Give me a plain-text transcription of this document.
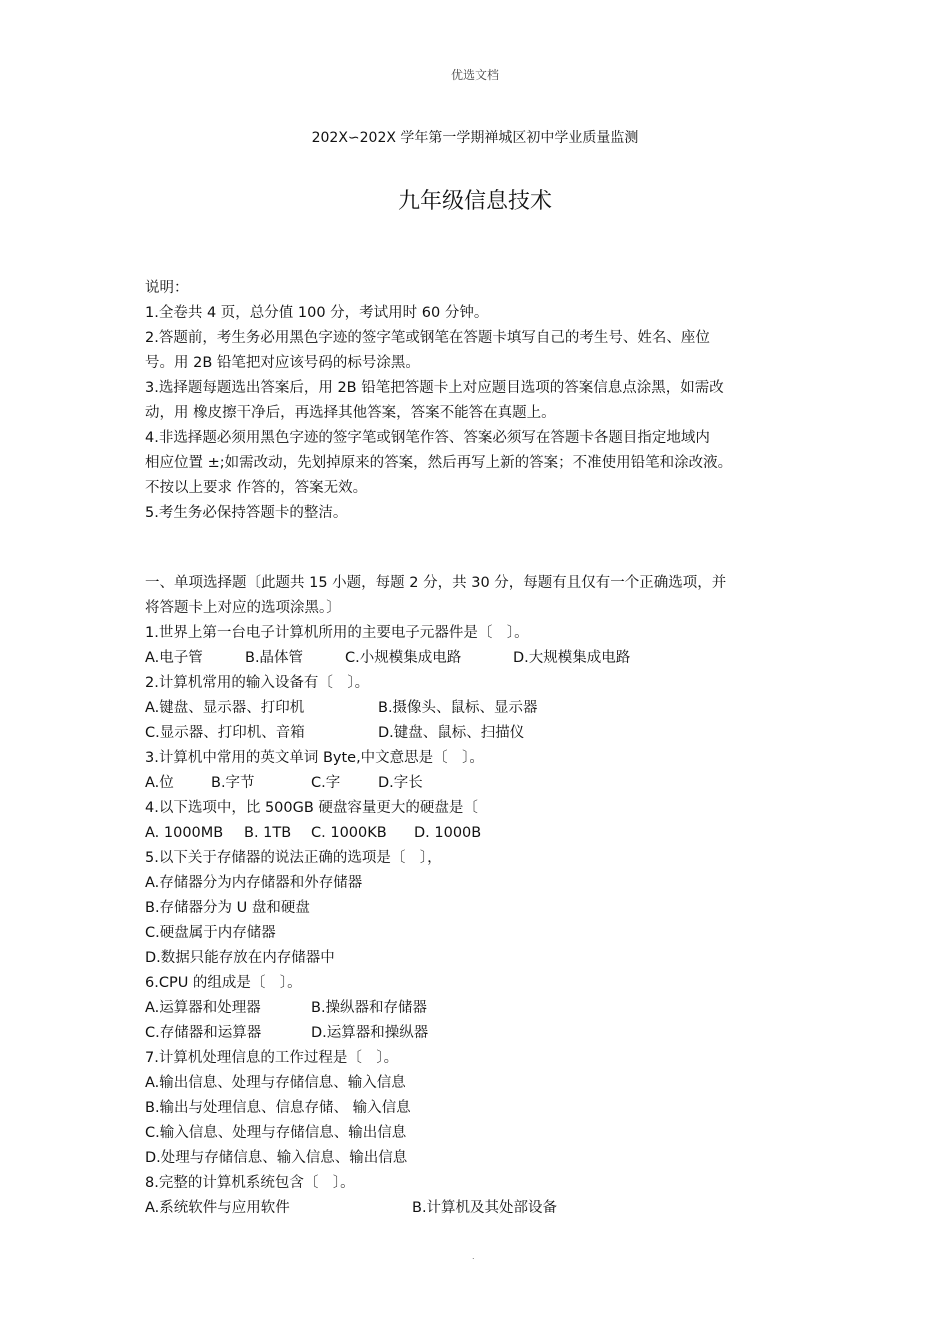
优选文档
202X∽202X 学年第一学期禅城区初中学业质量监测
九年级信息技术
说明：
1.全卷共 4 页，总分值 100 分，考试用时 60 分钟。
2.答题前，考生务必用黑色字迹的签字笔或钢笔在答题卡填写自己的考生号、姓名、座位
号。用 2B 铅笔把对应该号码的标号涂黑。
3.选择题每题选出答案后，用 2B 铅笔把答题卡上对应题目选项的答案信息点涂黑，如需改
动，用 橡皮擦干净后，再选择其他答案，答案不能答在真题上。
4.非选择题必须用黑色字迹的签字笔或钢笔作答、答案必须写在答题卡各题目指定地域内
相应位置 ±;如需改动，先划掉原来的答案，然后再写上新的答案；不准使用铅笔和涂改液。
不按以上要求 作答的，答案无效。
5.考生务必保持答题卡的整洁。
一、单项选择题〔此题共 15 小题，每题 2 分，共 30 分，每题有且仅有一个正确选项，并
将答题卡上对应的选项涂黑。〕
1.世界上第一台电子计算机所用的主要电子元器件是〔　〕。
A.电子管	B.晶体管	C.小规模集成电路	D.大规模集成电路
2.计算机常用的输入设备有〔　〕。
A.键盘、显示器、打印机	B.摄像头、鼠标、显示器
C.显示器、打印机、音箱	D.键盘、鼠标、扫描仪
3.计算机中常用的英文单词 Byte,中文意思是〔　〕。
A.位	B.字节	C.字	D.字长
4.以下选项中，比 500GB 硬盘容量更大的硬盘是〔
A. 1000MB	B. 1TB	C. 1000KB	D. 1000B
5.以下关于存储器的说法正确的选项是〔　〕，
A.存储器分为内存储器和外存储器
B.存储器分为 U 盘和硬盘
C.硬盘属于内存储器
D.数据只能存放在内存储器中
6.CPU 的组成是〔　〕。
A.运算器和处理器	B.操纵器和存储器
C.存储器和运算器	D.运算器和操纵器
7.计算机处理信息的工作过程是〔　〕。
A.输出信息、处理与存储信息、输入信息
B.输出与处理信息、信息存储、 输入信息
C.输入信息、处理与存储信息、输出信息
D.处理与存储信息、输入信息、输出信息
8.完整的计算机系统包含〔　〕。
A.系统软件与应用软件	B.计算机及其处部设备
.
